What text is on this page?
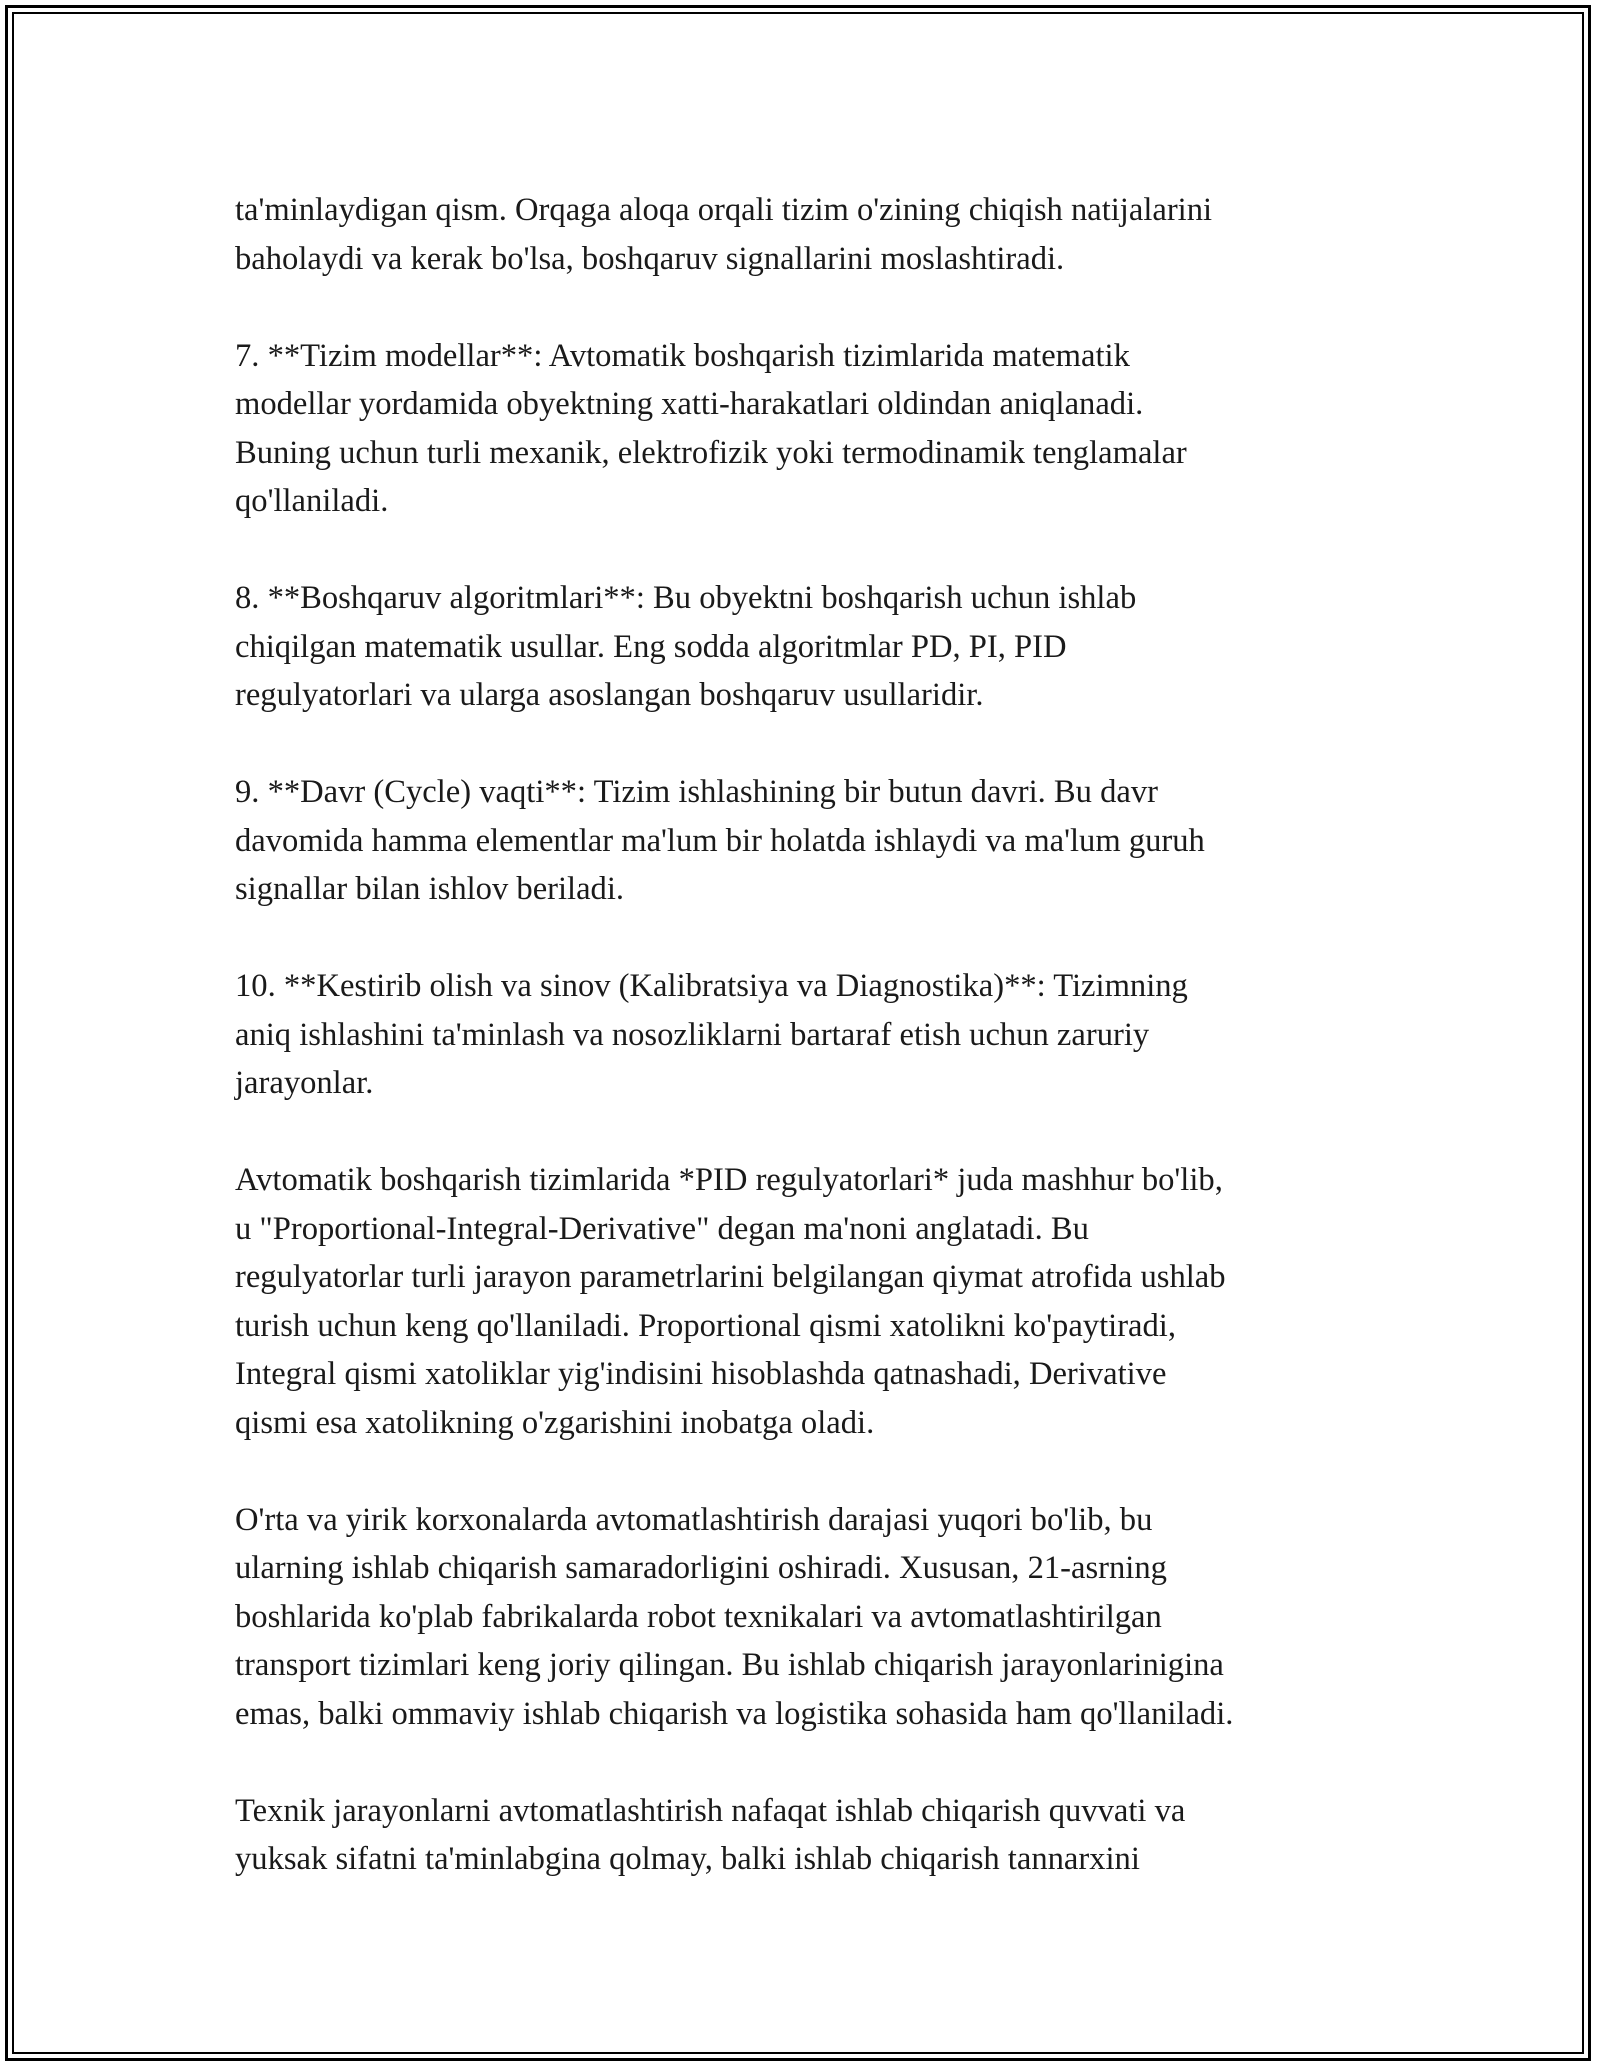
ta'minlaydigan qism. Orqaga aloqa orqali tizim o'zining chiqish natijalarini
baholaydi va kerak bo'lsa, boshqaruv signallarini moslashtiradi.

7. **Tizim modellar**: Avtomatik boshqarish tizimlarida matematik
modellar yordamida obyektning xatti-harakatlari oldindan aniqlanadi.
Buning uchun turli mexanik, elektrofizik yoki termodinamik tenglamalar
qo'llaniladi.

8. **Boshqaruv algoritmlari**: Bu obyektni boshqarish uchun ishlab
chiqilgan matematik usullar. Eng sodda algoritmlar PD, PI, PID
regulyatorlari va ularga asoslangan boshqaruv usullaridir.

9. **Davr (Cycle) vaqti**: Tizim ishlashining bir butun davri. Bu davr
davomida hamma elementlar ma'lum bir holatda ishlaydi va ma'lum guruh
signallar bilan ishlov beriladi.

10. **Kestirib olish va sinov (Kalibratsiya va Diagnostika)**: Tizimning
aniq ishlashini ta'minlash va nosozliklarni bartaraf etish uchun zaruriy
jarayonlar.

Avtomatik boshqarish tizimlarida *PID regulyatorlari* juda mashhur bo'lib,
u "Proportional-Integral-Derivative" degan ma'noni anglatadi. Bu
regulyatorlar turli jarayon parametrlarini belgilangan qiymat atrofida ushlab
turish uchun keng qo'llaniladi. Proportional qismi xatolikni ko'paytiradi,
Integral qismi xatoliklar yig'indisini hisoblashda qatnashadi, Derivative
qismi esa xatolikning o'zgarishini inobatga oladi.

O'rta va yirik korxonalarda avtomatlashtirish darajasi yuqori bo'lib, bu
ularning ishlab chiqarish samaradorligini oshiradi. Xususan, 21-asrning
boshlarida ko'plab fabrikalarda robot texnikalari va avtomatlashtirilgan
transport tizimlari keng joriy qilingan. Bu ishlab chiqarish jarayonlarinigina
emas, balki ommaviy ishlab chiqarish va logistika sohasida ham qo'llaniladi.

Texnik jarayonlarni avtomatlashtirish nafaqat ishlab chiqarish quvvati va
yuksak sifatni ta'minlabgina qolmay, balki ishlab chiqarish tannarxini
